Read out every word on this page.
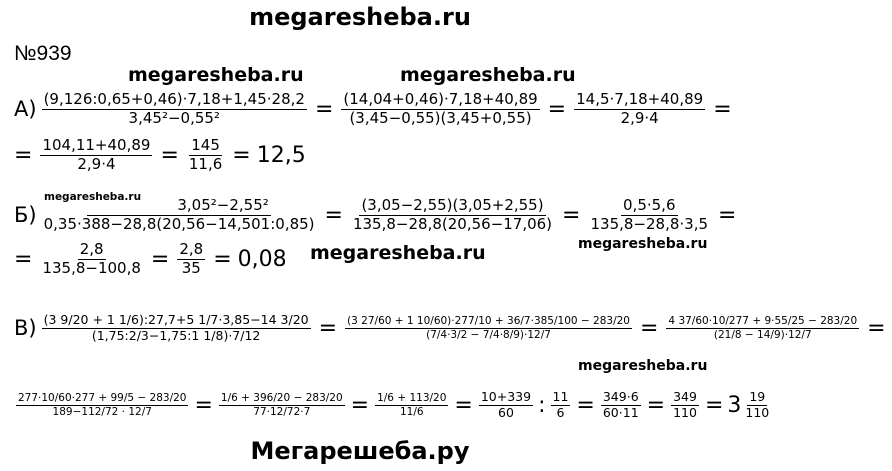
megaresheba.ru
№939
megaresheba.ru	megaresheba.ru
$А) \frac{(9,126:0,65+0,46)\cdot 7,18+1,45\cdot 28,2}{\text{3,45²−0,55²}} = \frac{(14,04+0,46)\cdot 7,18+40,89}{(3,45-0,55)(3,45+0,55)} = \frac{14,5\cdot 7,18+40,89}{2,9\cdot 4}$ =
= $\frac{104,11+40,89}{2,9\cdot 4} = \frac{145}{11,6} = 12,5$
Б)
megaresheba.ru
$\frac{\text{3,05²−2,55²}}{0,35\cdot 388-28,8(20,56-14,501:0,85)} = \frac{(3,05-2,55)(3,05+2,55)}{135,8-28,8(20,56-17,06)} = \frac{0,5\cdot 5,6}{135,8-28,8\cdot 3,5}$ =
megaresheba.ru
= $\frac{2,8}{135,8-100,8} = \frac{2,8}{35} = 0,08$ megaresheba.ru
$В) \frac{(3 9/20 + 1 1/6):27,7+5 1/7\cdot 3,85-14 3/20}{(1,75:2/3-1,75:1 1/8)\cdot 7/12} = \frac{(3 27/60 + 1 10/60)\cdot 277/10 + 36/7\cdot 385/100 - 283/20}{(7/4\cdot 3/2 - 7/4\cdot 8/9)\cdot 12/7} = \frac{4 37/60\cdot 10/277 + 9\cdot 55/25 - 283/20}{(21/8 - 14/9)\cdot 12/7}$ =
megaresheba.ru
$\frac{277\cdot 10/60\cdot 277 + 99/5 - 283/20}{189-112/72 \cdot 12/7} = \frac{1/6 + 396/20 - 283/20}{77\cdot 12/72\cdot 7} = \frac{1/6 + 113/20}{11/6} = \frac{10+339}{60}$ : $\frac{11}{6} = \frac{349\cdot 6}{60\cdot 11} = \frac{349}{110} = 3 \frac{19}{110}$
Мегарешеба.ру
